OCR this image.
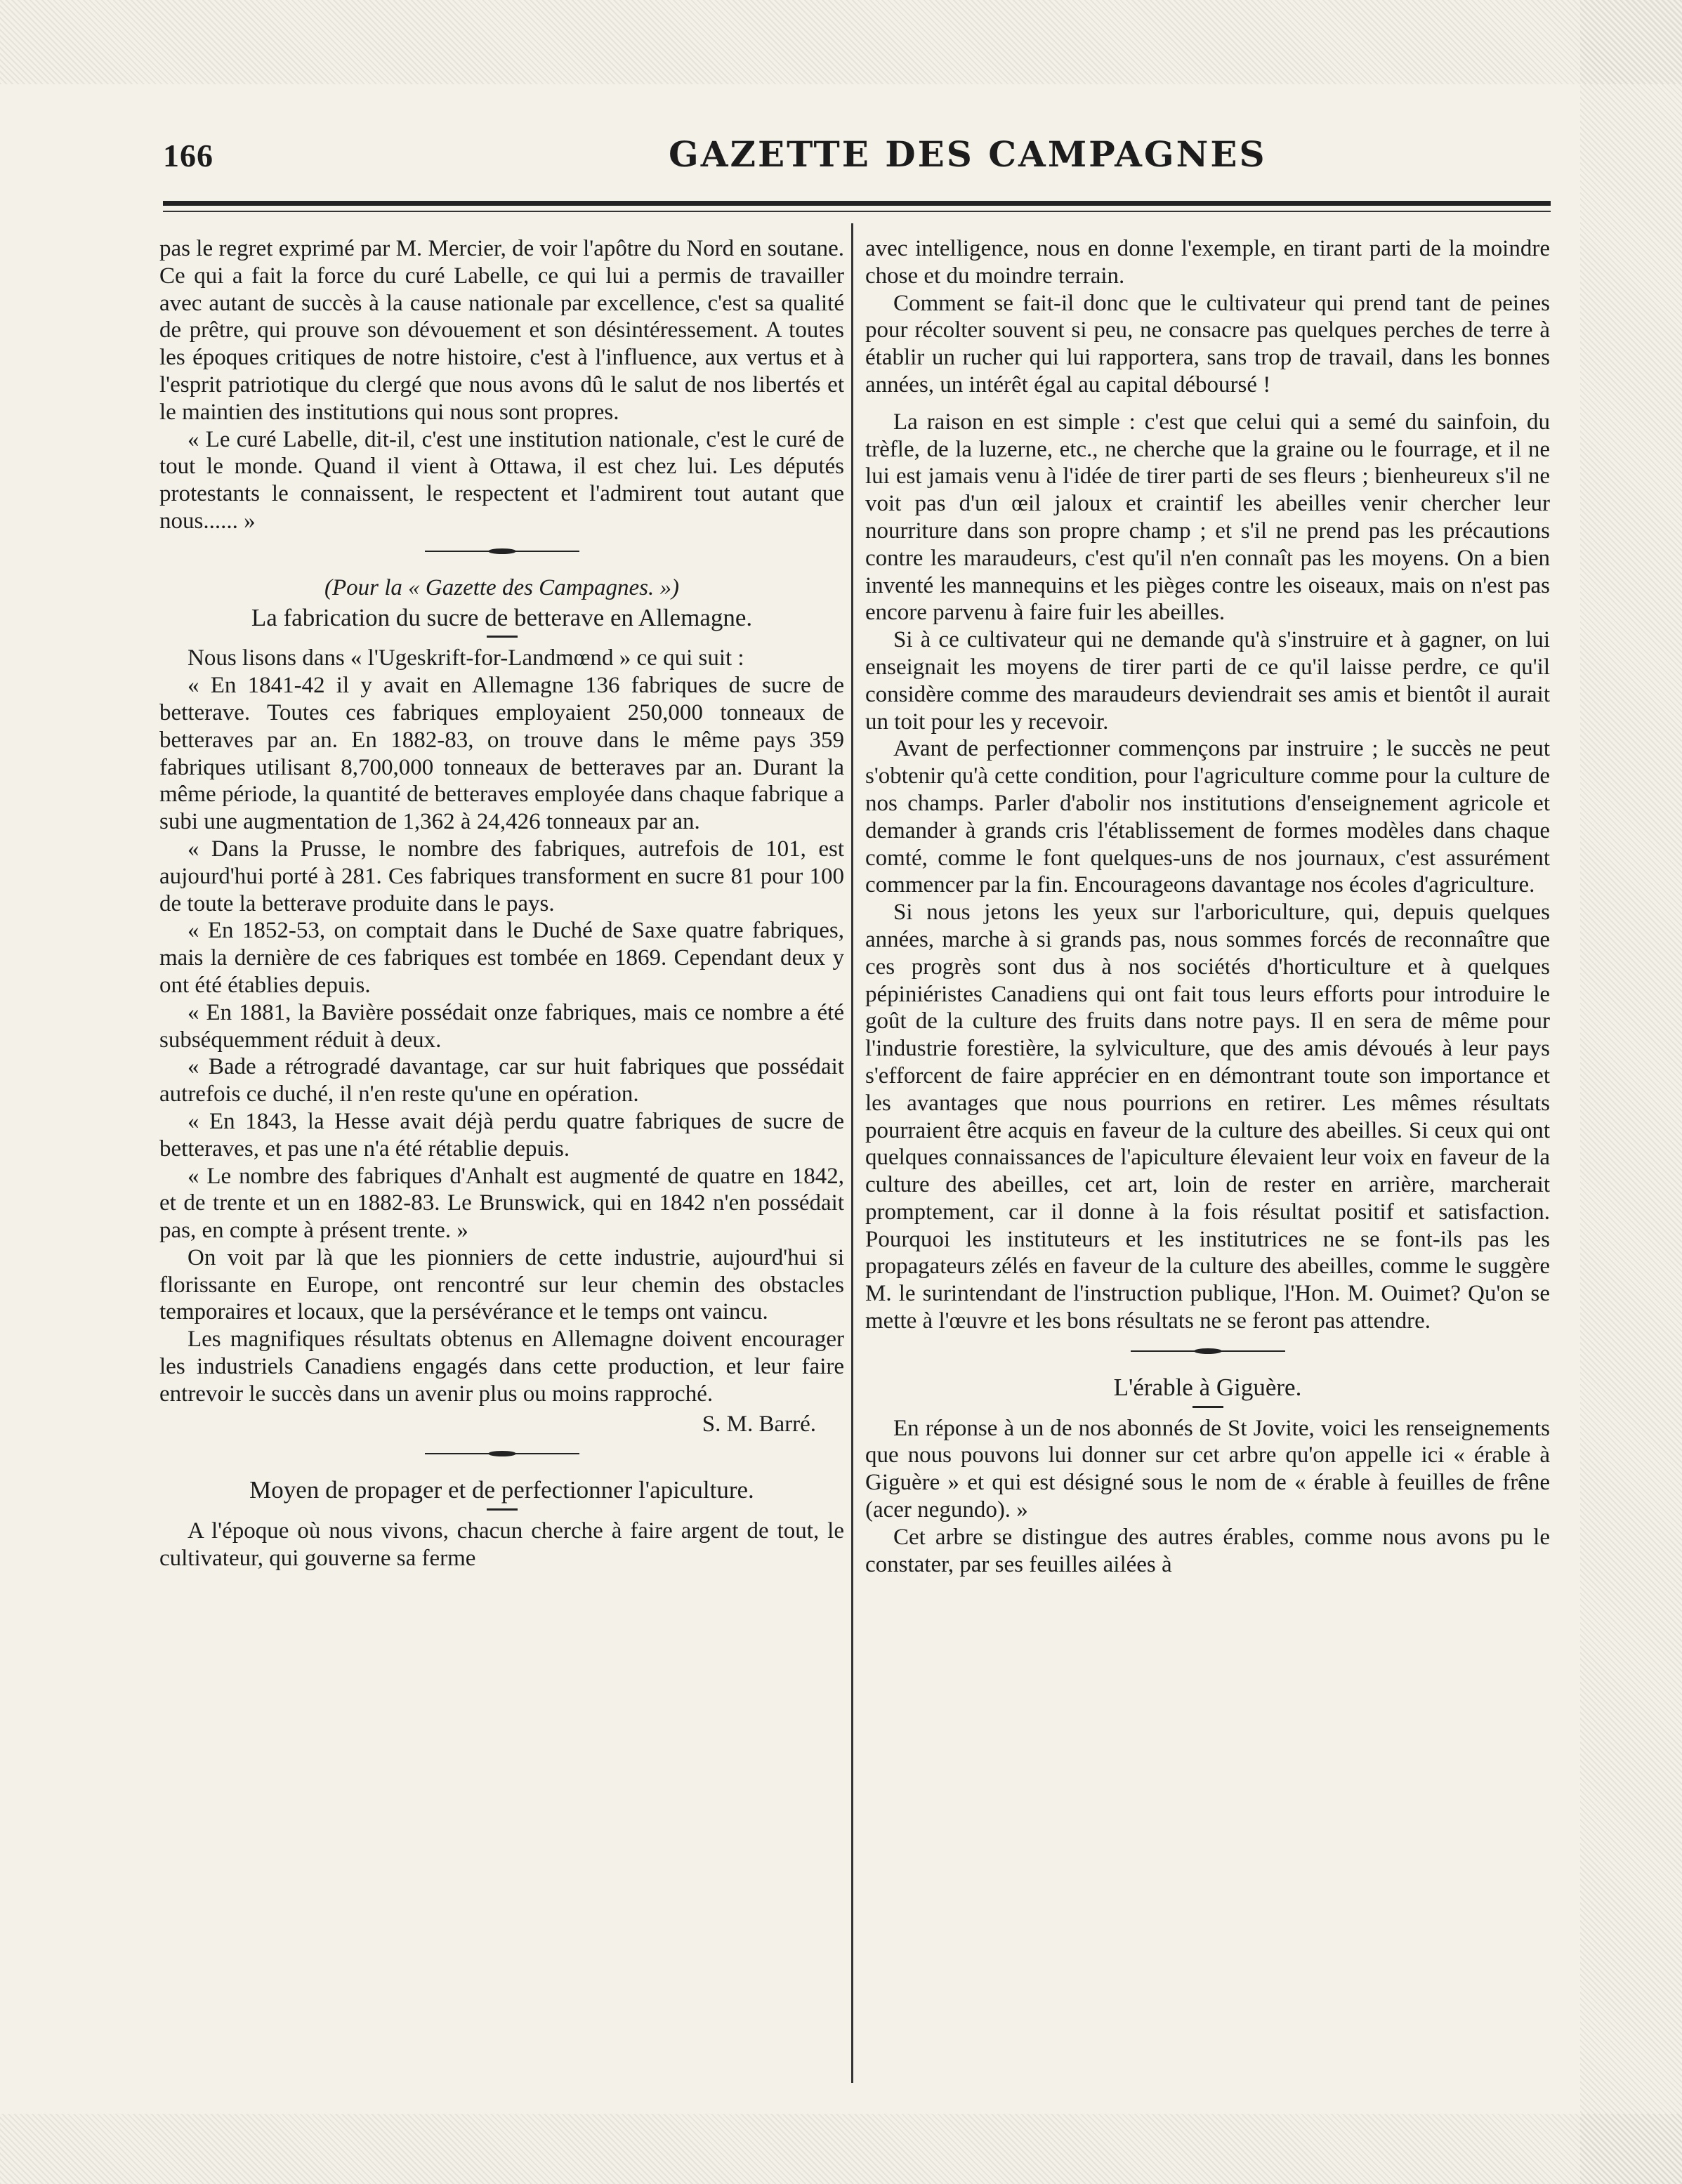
166	GAZETTE DES CAMPAGNES

pas le regret exprimé par M. Mercier, de voir l'apôtre du Nord en soutane. Ce qui a fait la force du curé Labelle, ce qui lui a permis de travailler avec autant de succès à la cause nationale par excellence, c'est sa qualité de prêtre, qui prouve son dévouement et son désintéressement. A toutes les époques critiques de notre histoire, c'est à l'influence, aux vertus et à l'esprit patriotique du clergé que nous avons dû le salut de nos libertés et le maintien des institutions qui nous sont propres.

« Le curé Labelle, dit-il, c'est une institution nationale, c'est le curé de tout le monde. Quand il vient à Ottawa, il est chez lui. Les députés protestants le connaissent, le respectent et l'admirent tout autant que nous...... »

(Pour la « Gazette des Campagnes. »)

La fabrication du sucre de betterave en Allemagne.

Nous lisons dans « l'Ugeskrift-for-Landmœnd » ce qui suit :

« En 1841-42 il y avait en Allemagne 136 fabriques de sucre de betterave. Toutes ces fabriques employaient 250,000 tonneaux de betteraves par an. En 1882-83, on trouve dans le même pays 359 fabriques utilisant 8,700,000 tonneaux de betteraves par an. Durant la même période, la quantité de betteraves employée dans chaque fabrique a subi une augmentation de 1,362 à 24,426 tonneaux par an.

« Dans la Prusse, le nombre des fabriques, autrefois de 101, est aujourd'hui porté à 281. Ces fabriques transforment en sucre 81 pour 100 de toute la betterave produite dans le pays.

« En 1852-53, on comptait dans le Duché de Saxe quatre fabriques, mais la dernière de ces fabriques est tombée en 1869. Cependant deux y ont été établies depuis.

« En 1881, la Bavière possédait onze fabriques, mais ce nombre a été subséquemment réduit à deux.

« Bade a rétrogradé davantage, car sur huit fabriques que possédait autrefois ce duché, il n'en reste qu'une en opération.

« En 1843, la Hesse avait déjà perdu quatre fabriques de sucre de betteraves, et pas une n'a été rétablie depuis.

« Le nombre des fabriques d'Anhalt est augmenté de quatre en 1842, et de trente et un en 1882-83. Le Brunswick, qui en 1842 n'en possédait pas, en compte à présent trente. »

On voit par là que les pionniers de cette industrie, aujourd'hui si florissante en Europe, ont rencontré sur leur chemin des obstacles temporaires et locaux, que la persévérance et le temps ont vaincu.

Les magnifiques résultats obtenus en Allemagne doivent encourager les industriels Canadiens engagés dans cette production, et leur faire entrevoir le succès dans un avenir plus ou moins rapproché.

S. M. Barré.

Moyen de propager et de perfectionner l'apiculture.

A l'époque où nous vivons, chacun cherche à faire argent de tout, le cultivateur, qui gouverne sa ferme

avec intelligence, nous en donne l'exemple, en tirant parti de la moindre chose et du moindre terrain.

Comment se fait-il donc que le cultivateur qui prend tant de peines pour récolter souvent si peu, ne consacre pas quelques perches de terre à établir un rucher qui lui rapportera, sans trop de travail, dans les bonnes années, un intérêt égal au capital déboursé !

La raison en est simple : c'est que celui qui a semé du sainfoin, du trèfle, de la luzerne, etc., ne cherche que la graine ou le fourrage, et il ne lui est jamais venu à l'idée de tirer parti de ses fleurs ; bienheureux s'il ne voit pas d'un œil jaloux et craintif les abeilles venir chercher leur nourriture dans son propre champ ; et s'il ne prend pas les précautions contre les maraudeurs, c'est qu'il n'en connaît pas les moyens. On a bien inventé les mannequins et les pièges contre les oiseaux, mais on n'est pas encore parvenu à faire fuir les abeilles.

Si à ce cultivateur qui ne demande qu'à s'instruire et à gagner, on lui enseignait les moyens de tirer parti de ce qu'il laisse perdre, ce qu'il considère comme des maraudeurs deviendrait ses amis et bientôt il aurait un toit pour les y recevoir.

Avant de perfectionner commençons par instruire ; le succès ne peut s'obtenir qu'à cette condition, pour l'agriculture comme pour la culture de nos champs. Parler d'abolir nos institutions d'enseignement agricole et demander à grands cris l'établissement de formes modèles dans chaque comté, comme le font quelques-uns de nos journaux, c'est assurément commencer par la fin. Encourageons davantage nos écoles d'agriculture.

Si nous jetons les yeux sur l'arboriculture, qui, depuis quelques années, marche à si grands pas, nous sommes forcés de reconnaître que ces progrès sont dus à nos sociétés d'horticulture et à quelques pépiniéristes Canadiens qui ont fait tous leurs efforts pour introduire le goût de la culture des fruits dans notre pays. Il en sera de même pour l'industrie forestière, la sylviculture, que des amis dévoués à leur pays s'efforcent de faire apprécier en en démontrant toute son importance et les avantages que nous pourrions en retirer. Les mêmes résultats pourraient être acquis en faveur de la culture des abeilles. Si ceux qui ont quelques connaissances de l'apiculture élevaient leur voix en faveur de la culture des abeilles, cet art, loin de rester en arrière, marcherait promptement, car il donne à la fois résultat positif et satisfaction. Pourquoi les instituteurs et les institutrices ne se font-ils pas les propagateurs zélés en faveur de la culture des abeilles, comme le suggère M. le surintendant de l'instruction publique, l'Hon. M. Ouimet? Qu'on se mette à l'œuvre et les bons résultats ne se feront pas attendre.

L'érable à Giguère.

En réponse à un de nos abonnés de St Jovite, voici les renseignements que nous pouvons lui donner sur cet arbre qu'on appelle ici « érable à Giguère » et qui est désigné sous le nom de « érable à feuilles de frêne (acer negundo). »

Cet arbre se distingue des autres érables, comme nous avons pu le constater, par ses feuilles ailées à
